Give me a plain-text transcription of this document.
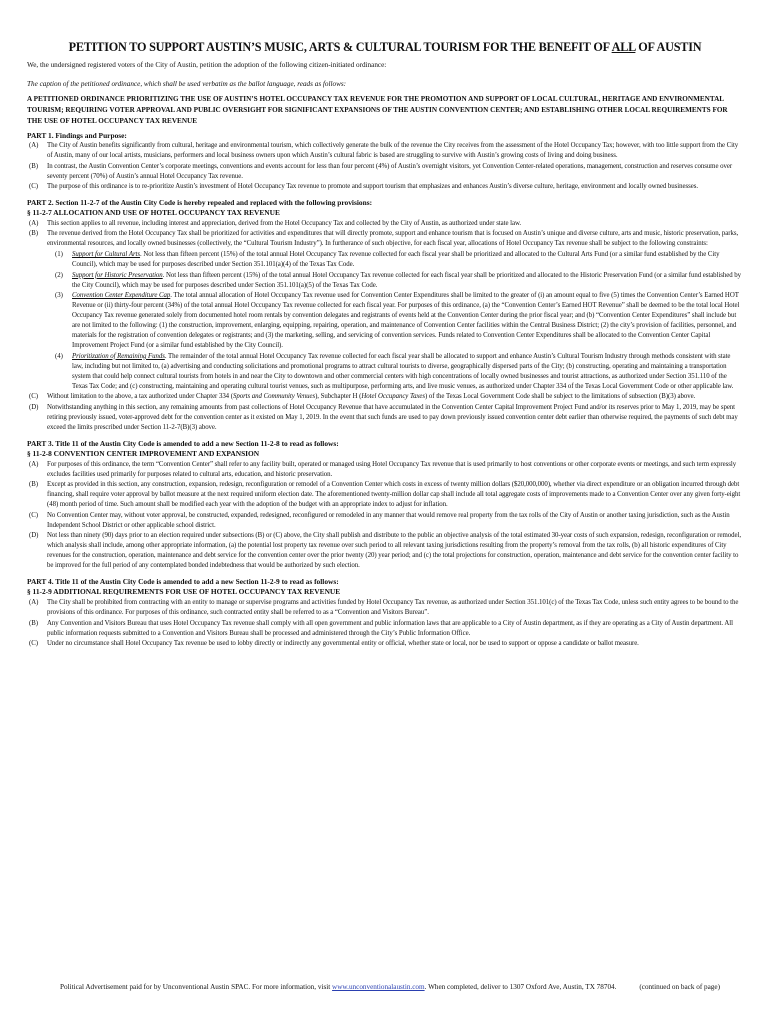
PETITION TO SUPPORT AUSTIN’S MUSIC, ARTS & CULTURAL TOURISM FOR THE BENEFIT OF ALL OF AUSTIN
We, the undersigned registered voters of the City of Austin, petition the adoption of the following citizen-initiated ordinance:
The caption of the petitioned ordinance, which shall be used verbatim as the ballot language, reads as follows:
A PETITIONED ORDINANCE PRIORITIZING THE USE OF AUSTIN’S HOTEL OCCUPANCY TAX REVENUE FOR THE PROMOTION AND SUPPORT OF LOCAL CULTURAL, HERITAGE AND ENVIRONMENTAL TOURISM; REQUIRING VOTER APPROVAL AND PUBLIC OVERSIGHT FOR SIGNIFICANT EXPANSIONS OF THE AUSTIN CONVENTION CENTER; AND ESTABLISHING OTHER LOCAL REQUIREMENTS FOR THE USE OF HOTEL OCCUPANCY TAX REVENUE
PART 1. Findings and Purpose:
(A)	The City of Austin benefits significantly from cultural, heritage and environmental tourism, which collectively generate the bulk of the revenue the City receives from the assessment of the Hotel Occupancy Tax; however, with too little support from the City of Austin, many of our local artists, musicians, performers and local business owners upon which Austin’s cultural fabric is based are struggling to survive with Austin’s growing costs of living and doing business.
(B)	In contrast, the Austin Convention Center’s corporate meetings, conventions and events account for less than four percent (4%) of Austin’s overnight visitors, yet Convention Center-related operations, management, construction and reserves consume over seventy percent (70%) of Austin’s annual Hotel Occupancy Tax revenue.
(C)	The purpose of this ordinance is to re-prioritize Austin’s investment of Hotel Occupancy Tax revenue to promote and support tourism that emphasizes and enhances Austin’s diverse culture, heritage, environment and locally owned businesses.
PART 2. Section 11-2-7 of the Austin City Code is hereby repealed and replaced with the following provisions:
§ 11-2-7 ALLOCATION AND USE OF HOTEL OCCUPANCY TAX REVENUE
(A)	This section applies to all revenue, including interest and appreciation, derived from the Hotel Occupancy Tax and collected by the City of Austin, as authorized under state law.
(B)	The revenue derived from the Hotel Occupancy Tax shall be prioritized for activities and expenditures that will directly promote, support and enhance tourism that is focused on Austin’s unique and diverse culture, arts and music, historic preservation, parks, environmental resources, and locally owned businesses (collectively, the “Cultural Tourism Industry”). In furtherance of such objective, for each fiscal year, allocations of Hotel Occupancy Tax revenue shall be subject to the following constraints:
(1)	Support for Cultural Arts. Not less than fifteen percent (15%) of the total annual Hotel Occupancy Tax revenue collected for each fiscal year shall be prioritized and allocated to the Cultural Arts Fund (or a similar fund established by the City Council), which may be used for purposes described under Section 351.101(a)(4) of the Texas Tax Code.
(2)	Support for Historic Preservation. Not less than fifteen percent (15%) of the total annual Hotel Occupancy Tax revenue collected for each fiscal year shall be prioritized and allocated to the Historic Preservation Fund (or a similar fund established by the City Council), which may be used for purposes described under Section 351.101(a)(5) of the Texas Tax Code.
(3)	Convention Center Expenditure Cap. The total annual allocation of Hotel Occupancy Tax revenue used for Convention Center Expenditures shall be limited to the greater of (i) an amount equal to five (5) times the Convention Center’s Earned HOT Revenue or (ii) thirty-four percent (34%) of the total annual Hotel Occupancy Tax revenue collected for each fiscal year. For purposes of this ordinance, (a) the “Convention Center’s Earned HOT Revenue” shall be deemed to be the total local Hotel Occupancy Tax revenue generated solely from documented hotel room rentals by convention delegates and registrants of events held at the Convention Center during the prior fiscal year; and (b) “Convention Center Expenditures” shall include but are not limited to the following: (1) the construction, improvement, enlarging, equipping, repairing, operation, and maintenance of Convention Center facilities within the Central Business District; (2) the city’s provision of facilities, personnel, and materials for the registration of convention delegates or registrants; and (3) the marketing, selling, and servicing of convention services. Funds related to Convention Center Expenditures shall be allocated to the Convention Center Capital Improvement Project Fund (or a similar fund established by the City Council).
(4)	Prioritization of Remaining Funds. The remainder of the total annual Hotel Occupancy Tax revenue collected for each fiscal year shall be allocated to support and enhance Austin’s Cultural Tourism Industry through methods consistent with state law, including but not limited to, (a) advertising and conducting solicitations and promotional programs to attract cultural tourists to diverse, geographically dispersed parts of the City; (b) constructing, operating and maintaining a transportation system that could help connect cultural tourists from hotels in and near the City to downtown and other commercial centers with high concentrations of locally owned businesses and tourist attractions, as authorized under Section 351.110 of the Texas Tax Code; and (c) constructing, maintaining and operating cultural tourist venues, such as multipurpose, performing arts, and live music venues, as authorized under Chapter 334 of the Texas Local Government Code or other applicable law.
(C)	Without limitation to the above, a tax authorized under Chapter 334 (Sports and Community Venues), Subchapter H (Hotel Occupancy Taxes) of the Texas Local Government Code shall be subject to the limitations of subsection (B)(3) above.
(D)	Notwithstanding anything in this section, any remaining amounts from past collections of Hotel Occupancy Revenue that have accumulated in the Convention Center Capital Improvement Project Fund and/or its reserves prior to May 1, 2019, may be spent retiring previously issued, voter-approved debt for the convention center as it existed on May 1, 2019. In the event that such funds are used to pay down previously issued convention center debt earlier than otherwise required, the payments of such debt may exceed the limits prescribed under Section 11-2-7(B)(3) above.
PART 3. Title 11 of the Austin City Code is amended to add a new Section 11-2-8 to read as follows:
§ 11-2-8 CONVENTION CENTER IMPROVEMENT AND EXPANSION
(A)	For purposes of this ordinance, the term “Convention Center” shall refer to any facility built, operated or managed using Hotel Occupancy Tax revenue that is used primarily to host conventions or other corporate events or meetings, and such term expressly excludes facilities used primarily for purposes related to cultural arts, education, and historic preservation.
(B)	Except as provided in this section, any construction, expansion, redesign, reconfiguration or remodel of a Convention Center which costs in excess of twenty million dollars ($20,000,000), whether via direct expenditure or an obligation incurred through debt financing, shall require voter approval by ballot measure at the next required uniform election date. The aforementioned twenty-million dollar cap shall include all total aggregate costs of improvements made to a Convention Center over any given forty-eight (48) month period of time. Such amount shall be modified each year with the adoption of the budget with an appropriate index to adjust for inflation.
(C)	No Convention Center may, without voter approval, be constructed, expanded, redesigned, reconfigured or remodeled in any manner that would remove real property from the tax rolls of the City of Austin or another taxing jurisdiction, such as the Austin Independent School District or other applicable school district.
(D)	Not less than ninety (90) days prior to an election required under subsections (B) or (C) above, the City shall publish and distribute to the public an objective analysis of the total estimated 30-year costs of such expansion, redesign, reconfiguration or remodel, which analysis shall include, among other appropriate information, (a) the potential lost property tax revenue over such period to all relevant taxing jurisdictions resulting from the property’s removal from the tax rolls, (b) all historic expenditures of City revenues for the construction, operation, maintenance and debt service for the convention center over the prior twenty (20) year period; and (c) the total projections for construction, operation, maintenance and debt service for the convention center facility to be improved for the full period of any contemplated bonded indebtedness that would be authorized by such election.
PART 4. Title 11 of the Austin City Code is amended to add a new Section 11-2-9 to read as follows:
§ 11-2-9 ADDITIONAL REQUIREMENTS FOR USE OF HOTEL OCCUPANCY TAX REVENUE
(A)	The City shall be prohibited from contracting with an entity to manage or supervise programs and activities funded by Hotel Occupancy Tax revenue, as authorized under Section 351.101(c) of the Texas Tax Code, unless such entity agrees to be bound to the provisions of this ordinance. For purposes of this ordinance, such contracted entity shall be referred to as a “Convention and Visitors Bureau”.
(B)	Any Convention and Visitors Bureau that uses Hotel Occupancy Tax revenue shall comply with all open government and public information laws that are applicable to a City of Austin department, as if they are operating as a City of Austin department. All public information requests submitted to a Convention and Visitors Bureau shall be processed and administered through the City’s Public Information Office.
(C)	Under no circumstance shall Hotel Occupancy Tax revenue be used to lobby directly or indirectly any governmental entity or official, whether state or local, nor be used to support or oppose a candidate or ballot measure.
Political Advertisement paid for by Unconventional Austin SPAC. For more information, visit www.unconventionalaustin.com. When completed, deliver to 1307 Oxford Ave, Austin, TX 78704.	(continued on back of page)
